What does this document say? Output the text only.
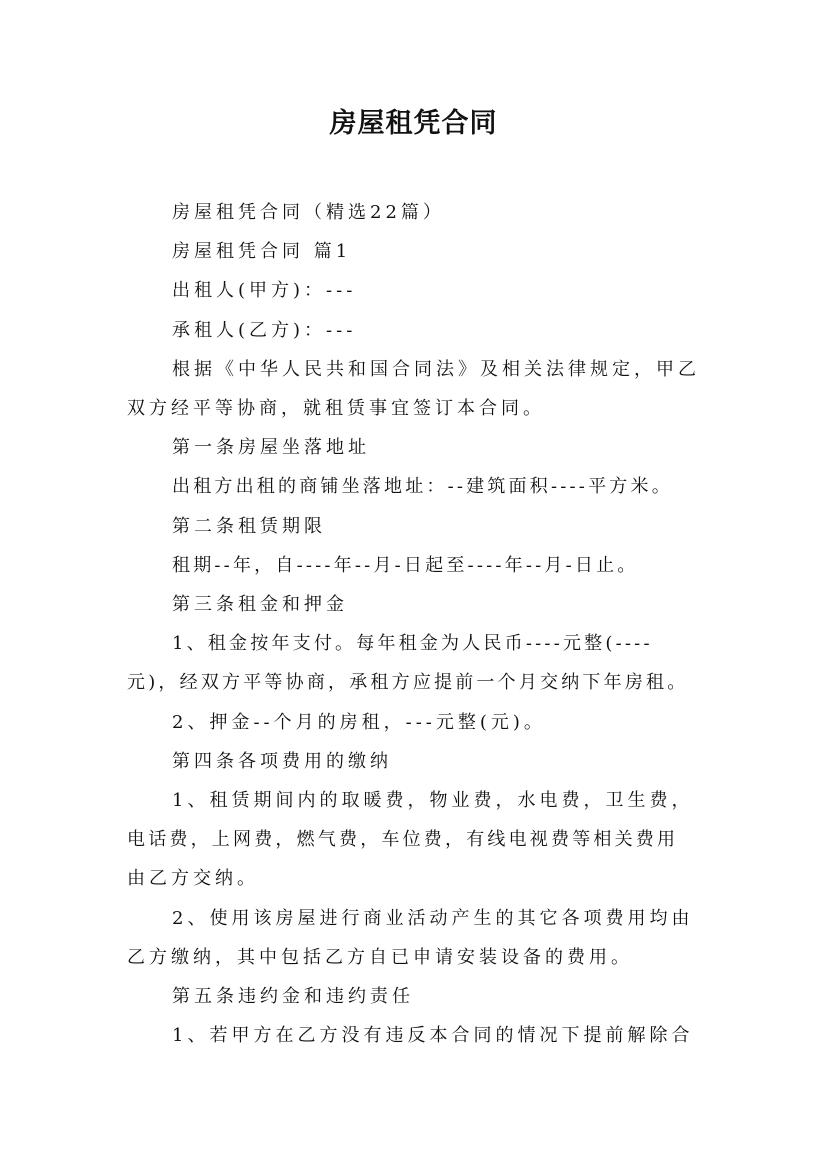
房屋租凭合同

房屋租凭合同（精选22篇）

房屋租凭合同 篇1

出租人(甲方)：---

承租人(乙方)：---

根据《中华人民共和国合同法》及相关法律规定，甲乙

双方经平等协商，就租赁事宜签订本合同。

第一条房屋坐落地址

出租方出租的商铺坐落地址：--建筑面积----平方米。

第二条租赁期限

租期--年，自----年--月-日起至----年--月-日止。

第三条租金和押金

1、租金按年支付。每年租金为人民币----元整(----

元)，经双方平等协商，承租方应提前一个月交纳下年房租。

2、押金--个月的房租，---元整(元)。

第四条各项费用的缴纳

1、租赁期间内的取暖费，物业费，水电费，卫生费，

电话费，上网费，燃气费，车位费，有线电视费等相关费用

由乙方交纳。

2、使用该房屋进行商业活动产生的其它各项费用均由

乙方缴纳，其中包括乙方自已申请安装设备的费用。

第五条违约金和违约责任

1、若甲方在乙方没有违反本合同的情况下提前解除合
